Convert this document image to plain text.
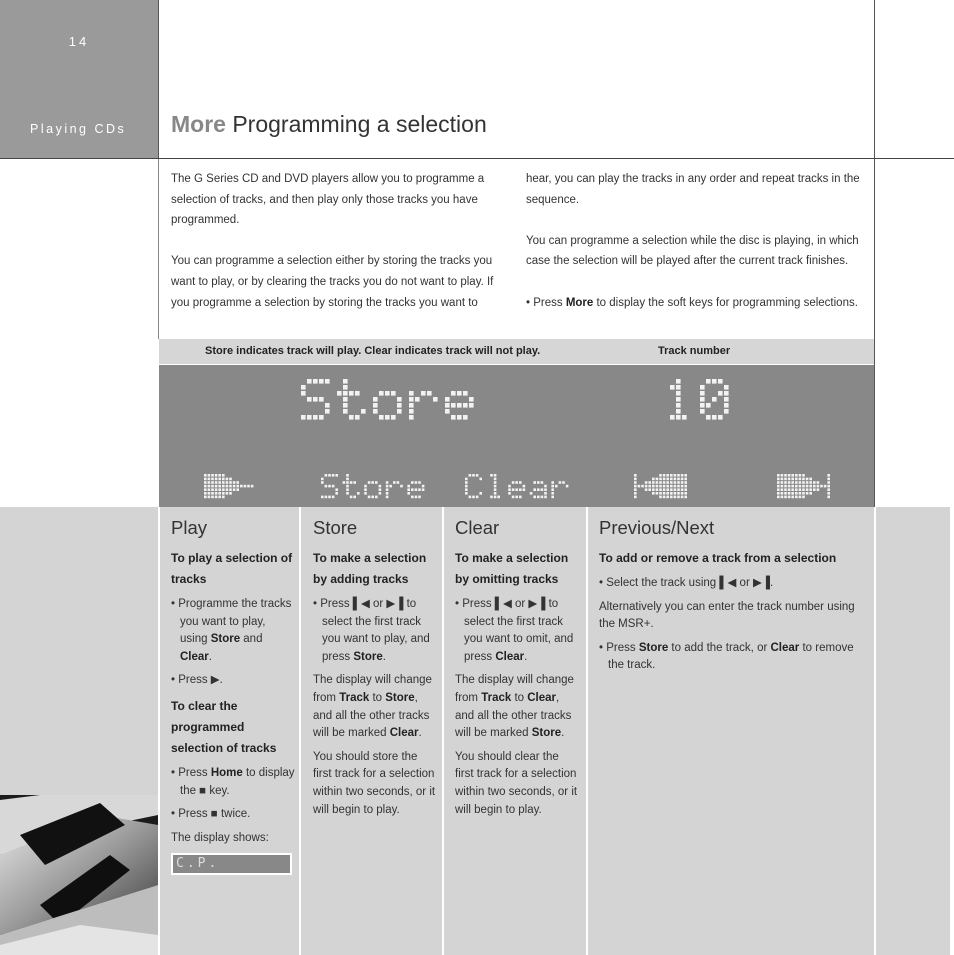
14
Playing CDs More Programming a selection

The G Series CD and DVD players allow you to programme a selection of tracks, and then play only those tracks you have programmed.

You can programme a selection either by storing the tracks you want to play, or by clearing the tracks you do not want to play. If you programme a selection by storing the tracks you want to

hear, you can play the tracks in any order and repeat tracks in the sequence.

You can programme a selection while the disc is playing, in which case the selection will be played after the current track finishes.

• Press More to display the soft keys for programming selections.

Store indicates track will play. Clear indicates track will not play.	Track number
Play
To play a selection of tracks
• Programme the tracks you want to play, using Store and Clear.
• Press ▶.
To clear the programmed selection of tracks
• Press Home to display the ■ key.
• Press ■ twice.

The display shows:

C.P.
Store
To make a selection by adding tracks
• Press ▌◀ or ▶▐ to select the first track you want to play, and press Store.

The display will change from Track to Store, and all the other tracks will be marked Clear.

You should store the first track for a selection within two seconds, or it will begin to play.

Clear
To make a selection by omitting tracks
• Press ▌◀ or ▶▐ to select the first track you want to omit, and press Clear.

The display will change from Track to Clear, and all the other tracks will be marked Store.

You should clear the first track for a selection within two seconds, or it will begin to play.

Previous/Next
To add or remove a track from a selection
• Select the track using ▌◀ or ▶▐.

Alternatively you can enter the track number using the MSR+.

• Press Store to add the track, or Clear to remove the track.
